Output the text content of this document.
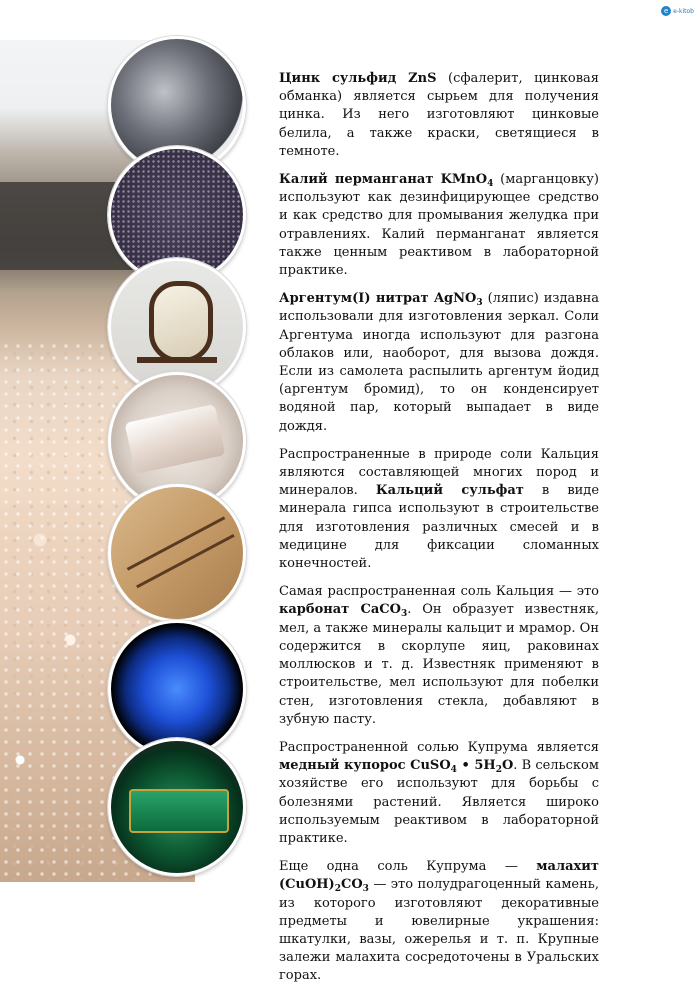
e e-kitob

Цинк сульфид ZnS (сфалерит, цинковая обманка) является сырьем для получения цинка. Из него изготовляют цинковые белила, а также краски, светящиеся в темноте.

Калий перманганат KMnO$_4$ (марганцовку) используют как дезинфицирующее средство и как средство для промывания желудка при отравлениях. Калий перманганат является также ценным реактивом в лабораторной практике.

Аргентум(I) нитрат AgNO$_3$ (ляпис) издавна использовали для изготовления зеркал. Соли Аргентума иногда используют для разгона облаков или, наоборот, для вызова дождя. Если из самолета распылить аргентум йодид (аргентум бромид), то он конденсирует водяной пар, который выпадает в виде дождя.

Распространенные в природе соли Кальция являются составляющей многих пород и минералов. Кальций сульфат в виде минерала гипса используют в строительстве для изготовления различных смесей и в медицине для фиксации сломанных конечностей.

Самая распространенная соль Кальция — это карбонат CaCO$_3$. Он образует известняк, мел, а также минералы кальцит и мрамор. Он содержится в скорлупе яиц, раковинах моллюсков и т. д. Известняк применяют в строительстве, мел используют для побелки стен, изготовления стекла, добавляют в зубную пасту.

Распространенной солью Купрума является медный купорос CuSO$_4$ • $5H_2O$. В сельском хозяйстве его используют для борьбы с болезнями растений. Является широко используемым реактивом в лабораторной практике.

Еще одна соль Купрума — малахит $(CuOH)_2CO_3$ — это полудрагоценный камень, из которого изготовляют декоративные предметы и ювелирные украшения: шкатулки, вазы, ожерелья и т. п. Крупные залежи малахита сосредоточены в Уральских горах.
